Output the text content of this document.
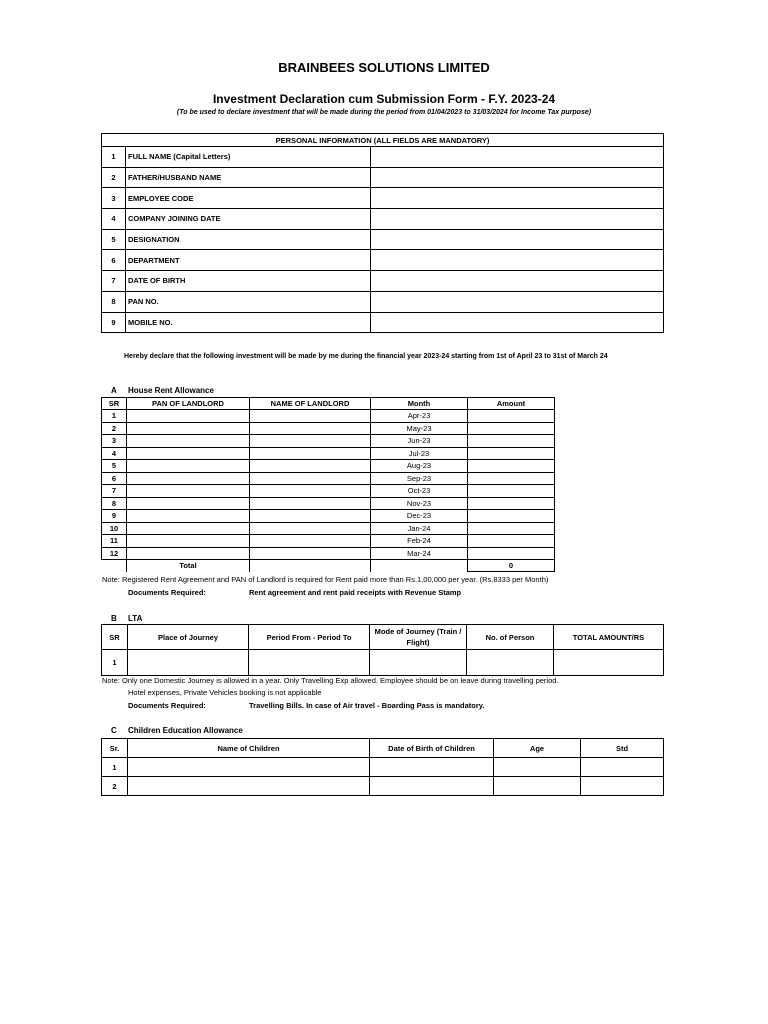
BRAINBEES SOLUTIONS LIMITED
Investment Declaration cum Submission Form - F.Y. 2023-24
(To be used to declare investment that will be made during the period from 01/04/2023 to 31/03/2024 for Income Tax purpose)
PERSONAL INFORMATION (ALL FIELDS ARE MANDATORY)		
1	FULL NAME (Capital Letters)	
2	FATHER/HUSBAND NAME	
3	EMPLOYEE CODE	
4	COMPANY JOINING DATE	
5	DESIGNATION	
6	DEPARTMENT	
7	DATE OF BIRTH	
8	PAN NO.	
9	MOBILE NO.	
Hereby declare that the following investment will be made by me during the financial year 2023-24 starting from 1st of April 23 to 31st of March 24
A House Rent Allowance
SR	PAN OF LANDLORD	NAME OF LANDLORD	Month	Amount
1			Apr-23	
2			May-23	
3			Jun-23	
4			Jul-23	
5			Aug-23	
6			Sep-23	
7			Oct-23	
8			Nov-23	
9			Dec-23	
10			Jan-24	
11			Feb-24	
12			Mar-24	
	Total			0
Note: Registered Rent Agreement and PAN of Landlord is required for Rent paid more than Rs.1,00,000 per year. (Rs.8333 per Month)
Documents Required:	Rent agreement and rent paid receipts with Revenue Stamp
B LTA
SR	Place of Journey	Period From - Period To	Mode of Journey (Train / Flight)	No. of Person	TOTAL AMOUNT/RS
1					
Note: Only one Domestic Journey is allowed in a year. Only Travelling Exp allowed. Employee should be on leave during travelling period.
Hotel expenses, Private Vehicles booking is not applicable
Documents Required:	Travelling Bills. In case of Air travel - Boarding Pass is mandatory.
C Children Education Allowance
Sr.	Name of Children	Date of Birth of Children	Age	Std
1				
2				
